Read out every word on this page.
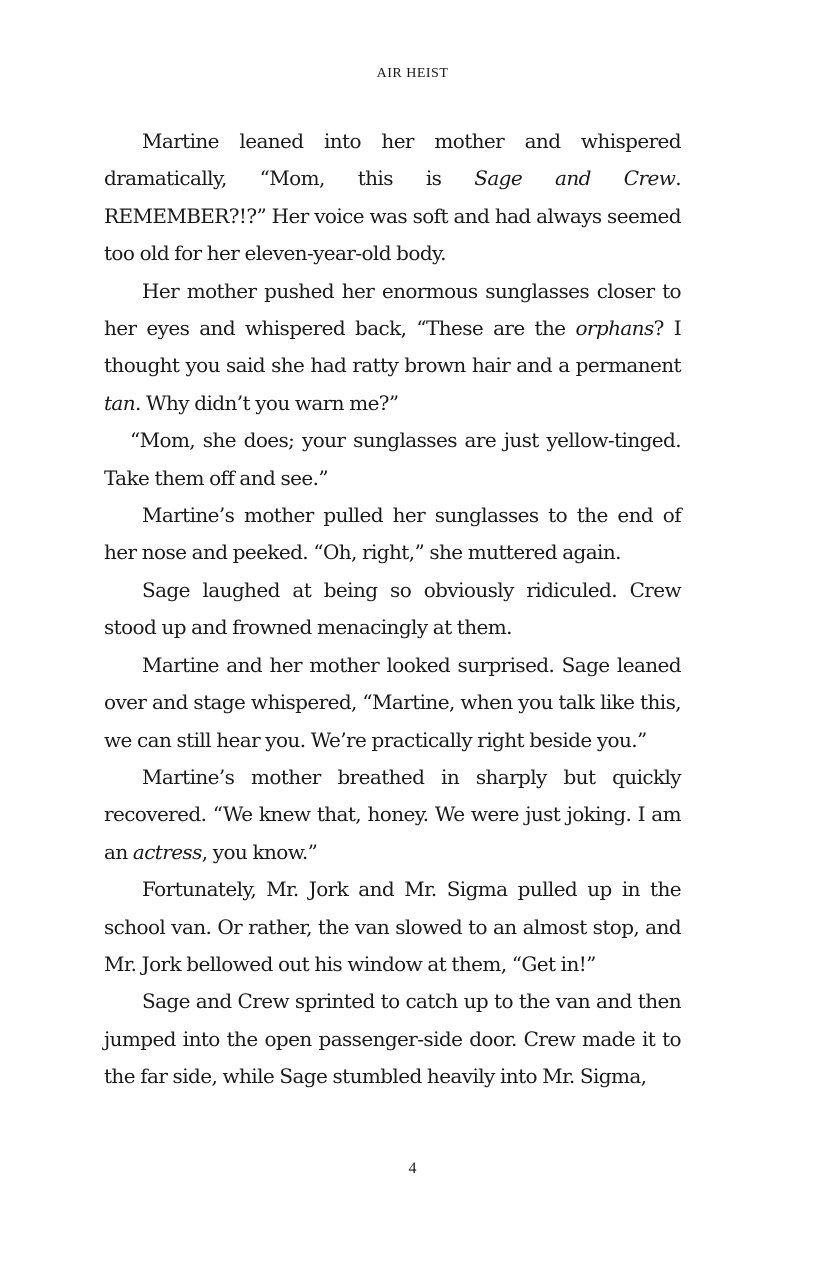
AIR HEIST

Martine leaned into her mother and whispered dramatically, “Mom, this is Sage and Crew. REMEMBER?!?” Her voice was soft and had always seemed too old for her eleven-year-old body.

Her mother pushed her enormous sunglasses closer to her eyes and whispered back, “These are the orphans? I thought you said she had ratty brown hair and a permanent tan. Why didn’t you warn me?”

“Mom, she does; your sunglasses are just yellow-tinged. Take them off and see.”

Martine’s mother pulled her sunglasses to the end of her nose and peeked. “Oh, right,” she muttered again.

Sage laughed at being so obviously ridiculed. Crew stood up and frowned menacingly at them.

Martine and her mother looked surprised. Sage leaned over and stage whispered, “Martine, when you talk like this, we can still hear you. We’re practically right beside you.”

Martine’s mother breathed in sharply but quickly recovered. “We knew that, honey. We were just joking. I am an actress, you know.”

Fortunately, Mr. Jork and Mr. Sigma pulled up in the school van. Or rather, the van slowed to an almost stop, and Mr. Jork bellowed out his window at them, “Get in!”

Sage and Crew sprinted to catch up to the van and then jumped into the open passenger-side door. Crew made it to the far side, while Sage stumbled heavily into Mr. Sigma,

4
